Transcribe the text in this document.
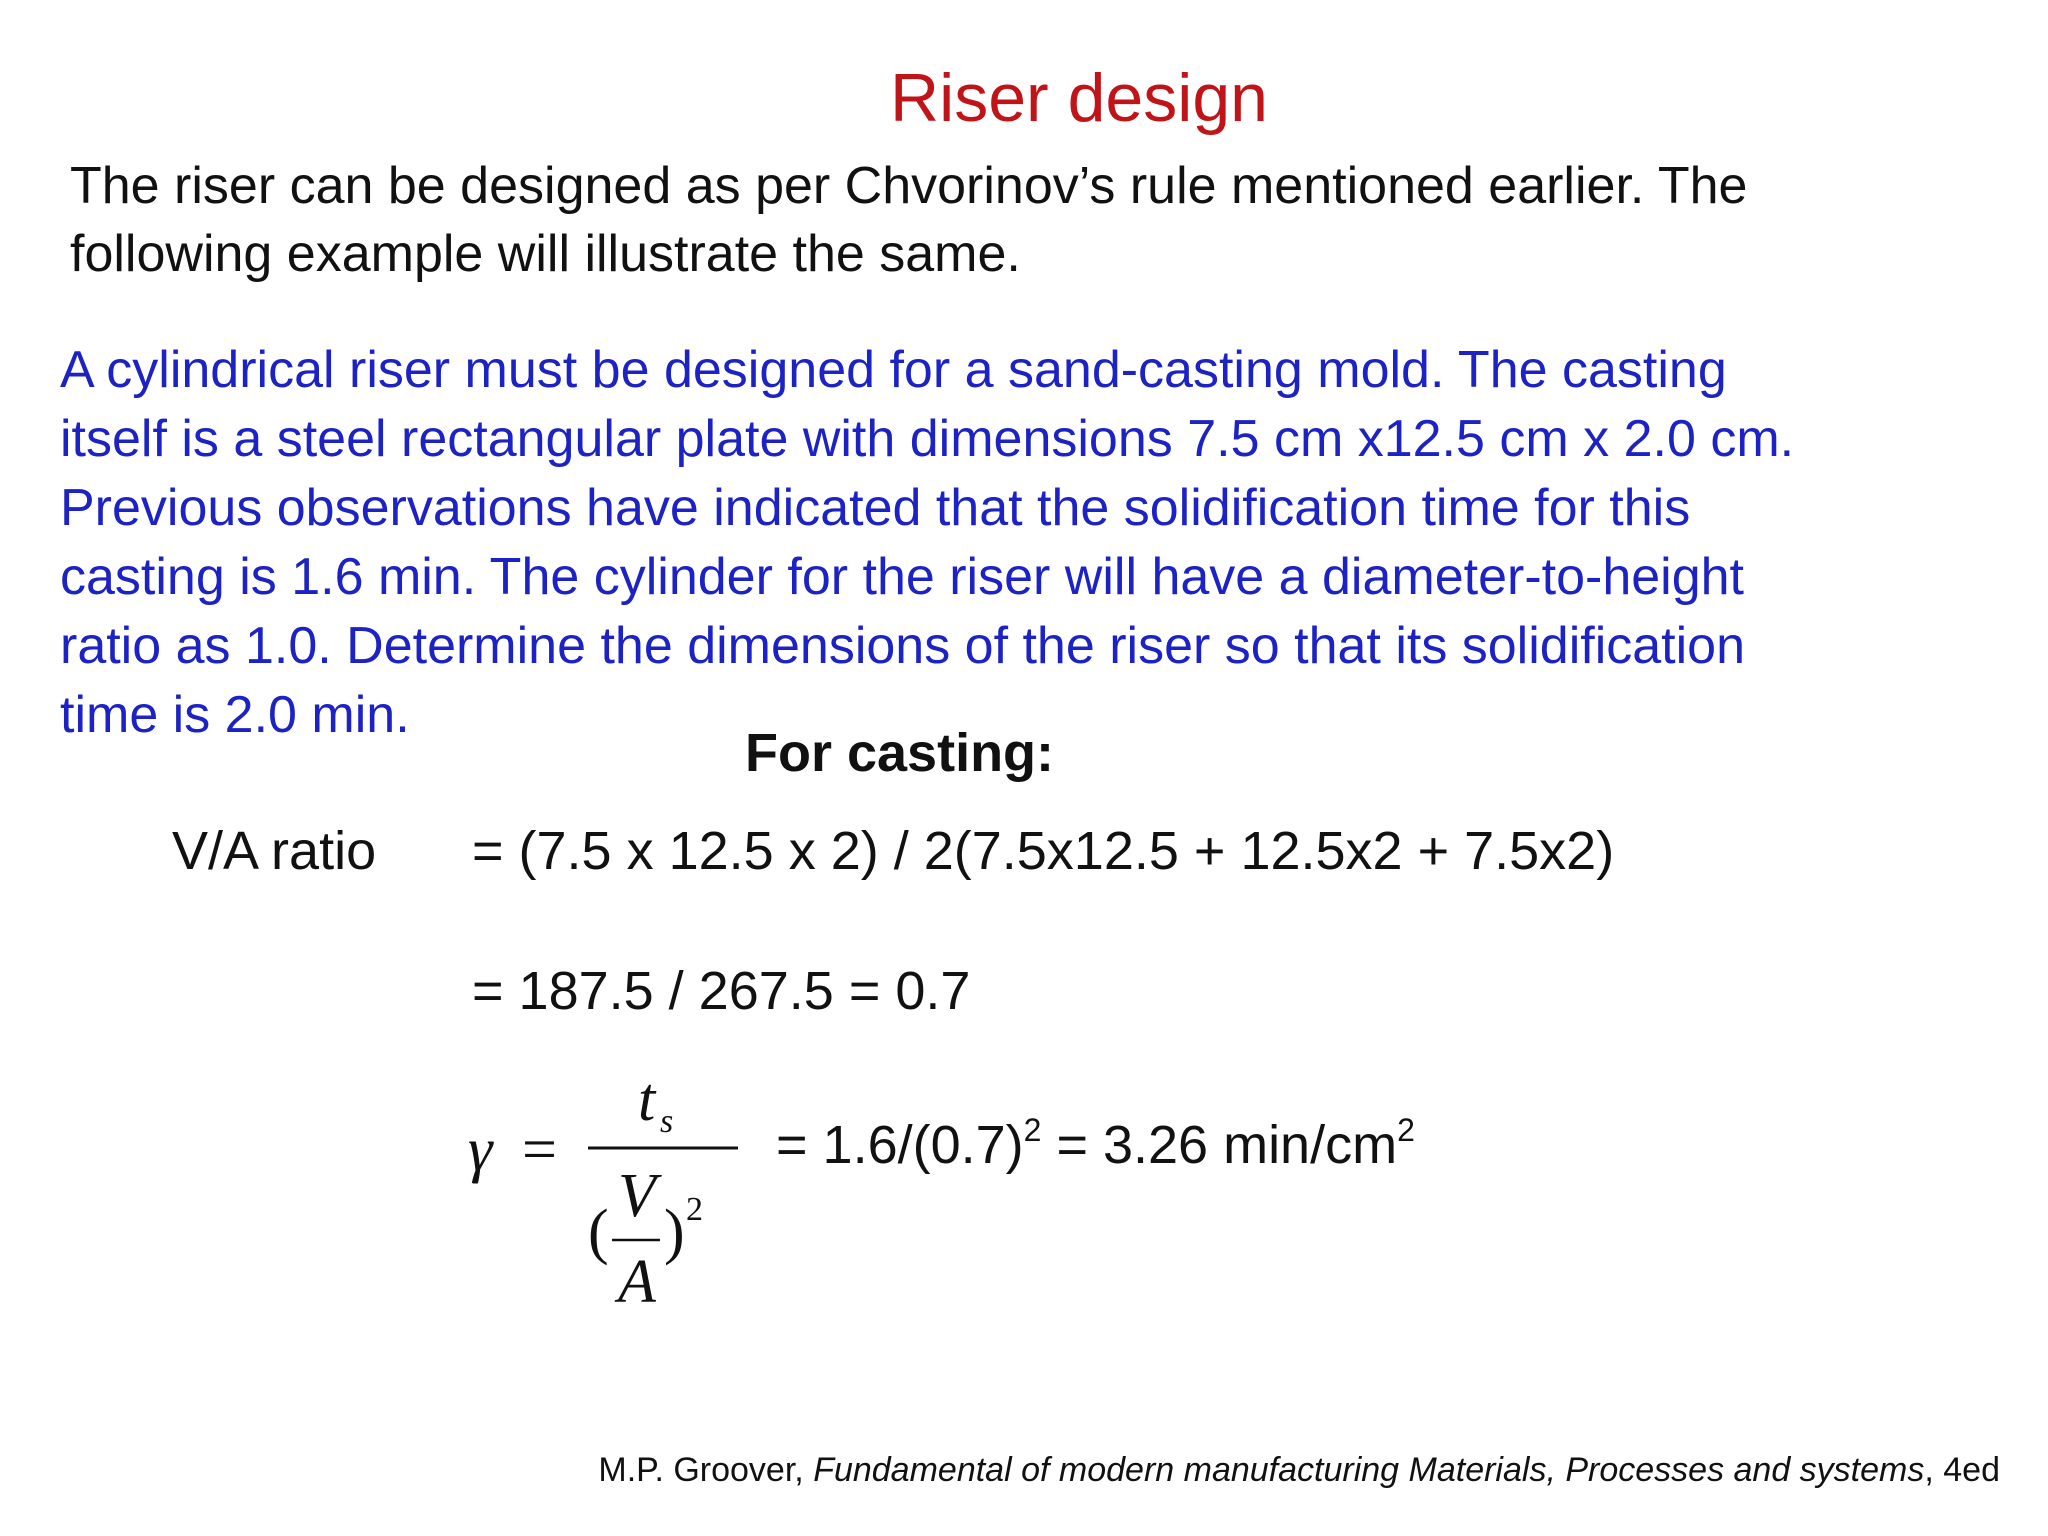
Riser design
The riser can be designed as per Chvorinov’s rule mentioned earlier. The
following example will illustrate the same.
A cylindrical riser must be designed for a sand-casting mold. The casting
itself is a steel rectangular plate with dimensions 7.5 cm x12.5 cm x 2.0 cm.
Previous observations have indicated that the solidification time for this
casting is 1.6 min. The cylinder for the riser will have a diameter-to-height
ratio as 1.0. Determine the dimensions of the riser so that its solidification
time is 2.0 min.
For casting:
V/A ratio = (7.5 x 12.5 x 2) / 2(7.5x12.5 + 12.5x2 + 7.5x2)
= 187.5 / 267.5 = 0.7
γ =
t s
(
V
A
) 2
= $1.6/(0.7)^2 = 3.26$ $\min/cm^2$
M.P. Groover, Fundamental of modern manufacturing Materials, Processes and systems, 4ed
